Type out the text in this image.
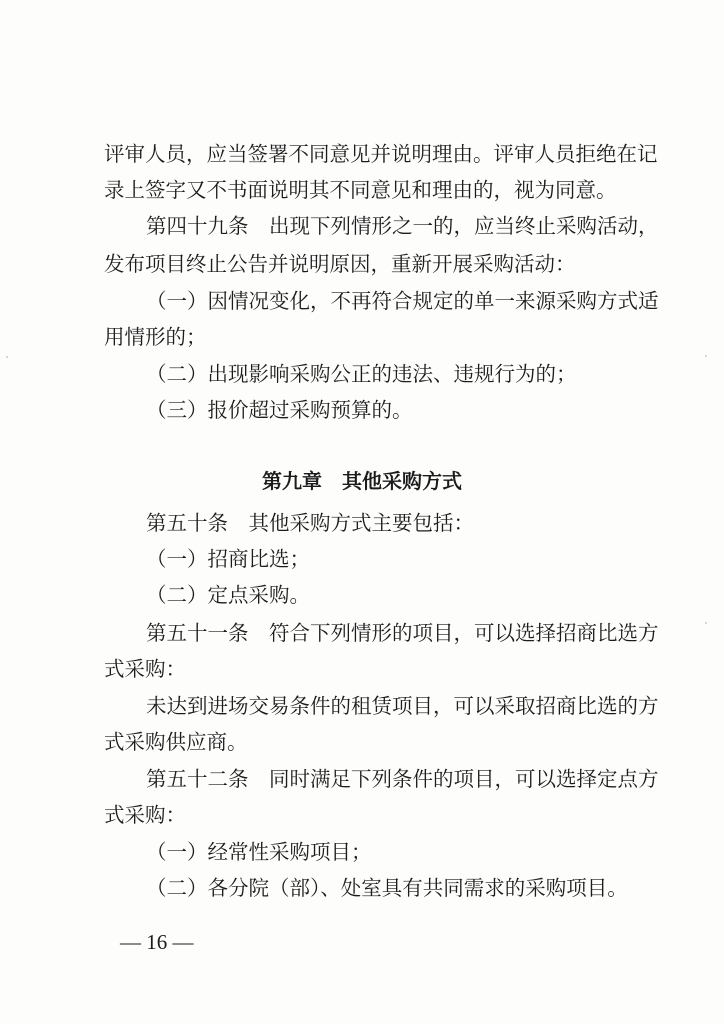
评审人员，应当签署不同意见并说明理由。评审人员拒绝在记
录上签字又不书面说明其不同意见和理由的，视为同意。
第四十九条　出现下列情形之一的，应当终止采购活动，
发布项目终止公告并说明原因，重新开展采购活动：
（一）因情况变化，不再符合规定的单一来源采购方式适
用情形的；
（二）出现影响采购公正的违法、违规行为的；
（三）报价超过采购预算的。
第九章　其他采购方式
第五十条　其他采购方式主要包括：
（一）招商比选；
（二）定点采购。
第五十一条　符合下列情形的项目，可以选择招商比选方
式采购：
未达到进场交易条件的租赁项目，可以采取招商比选的方
式采购供应商。
第五十二条　同时满足下列条件的项目，可以选择定点方
式采购：
（一）经常性采购项目；
（二）各分院（部）、处室具有共同需求的采购项目。
— 16 —
